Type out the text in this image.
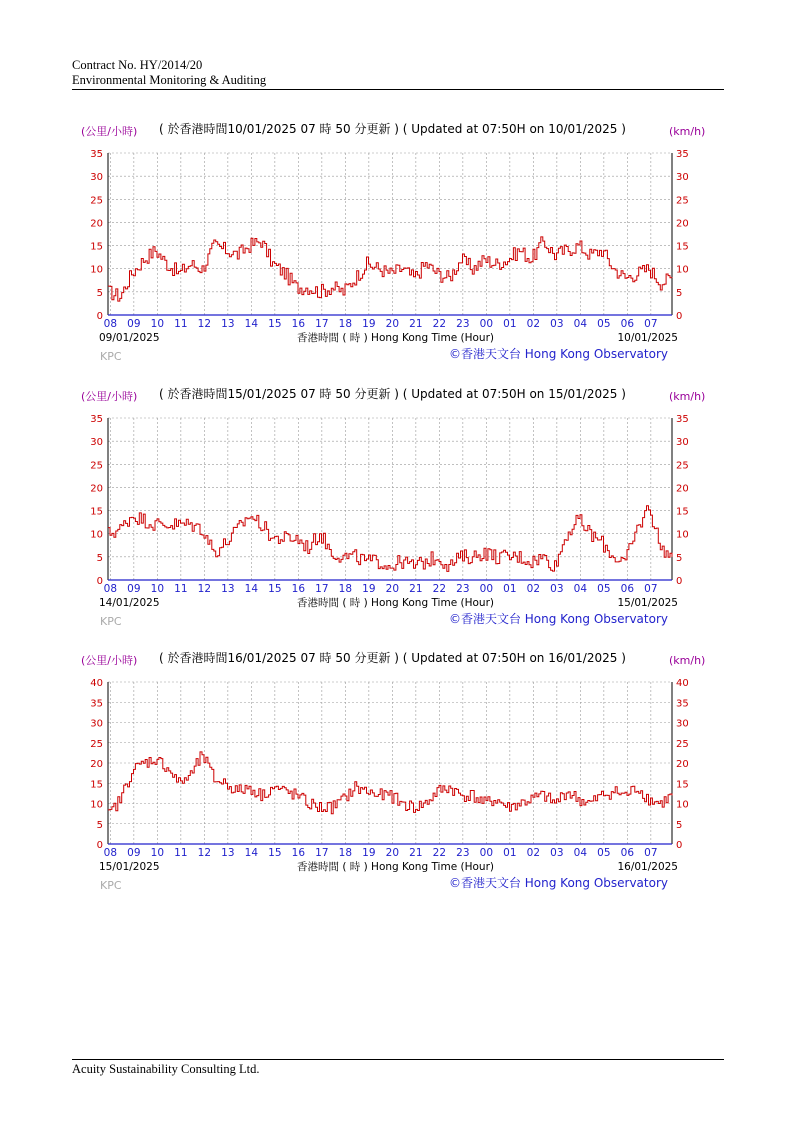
Contract No. HY/2014/20
Environmental Monitoring & Auditing
( 於香港時間10/01/2025 07 時 50 分更新 ) ( Updated at 07:50H on 10/01/2025 )
(公里/小時)	(km/h)
0	0
5	5
10	10
15	15
20	20
25	25
30	30
35	35
08 09 10 11 12 13 14 15 16 17 18 19 20 21 22 23 00 01 02 03 04 05 06 07
09/01/2025	10/01/2025
香港時間 ( 時 ) Hong Kong Time (Hour)
KPC	©香港天文台 Hong Kong Observatory
( 於香港時間15/01/2025 07 時 50 分更新 ) ( Updated at 07:50H on 15/01/2025 )
(公里/小時)	(km/h)
0	0
5	5
10	10
15	15
20	20
25	25
30	30
35	35
08 09 10 11 12 13 14 15 16 17 18 19 20 21 22 23 00 01 02 03 04 05 06 07
14/01/2025	15/01/2025
香港時間 ( 時 ) Hong Kong Time (Hour)
KPC	©香港天文台 Hong Kong Observatory
( 於香港時間16/01/2025 07 時 50 分更新 ) ( Updated at 07:50H on 16/01/2025 )
(公里/小時)	(km/h)
0	0
5	5
10	10
15	15
20	20
25	25
30	30
35	35
40	40
08 09 10 11 12 13 14 15 16 17 18 19 20 21 22 23 00 01 02 03 04 05 06 07
15/01/2025	16/01/2025
香港時間 ( 時 ) Hong Kong Time (Hour)
KPC	©香港天文台 Hong Kong Observatory
Acuity Sustainability Consulting Ltd.
